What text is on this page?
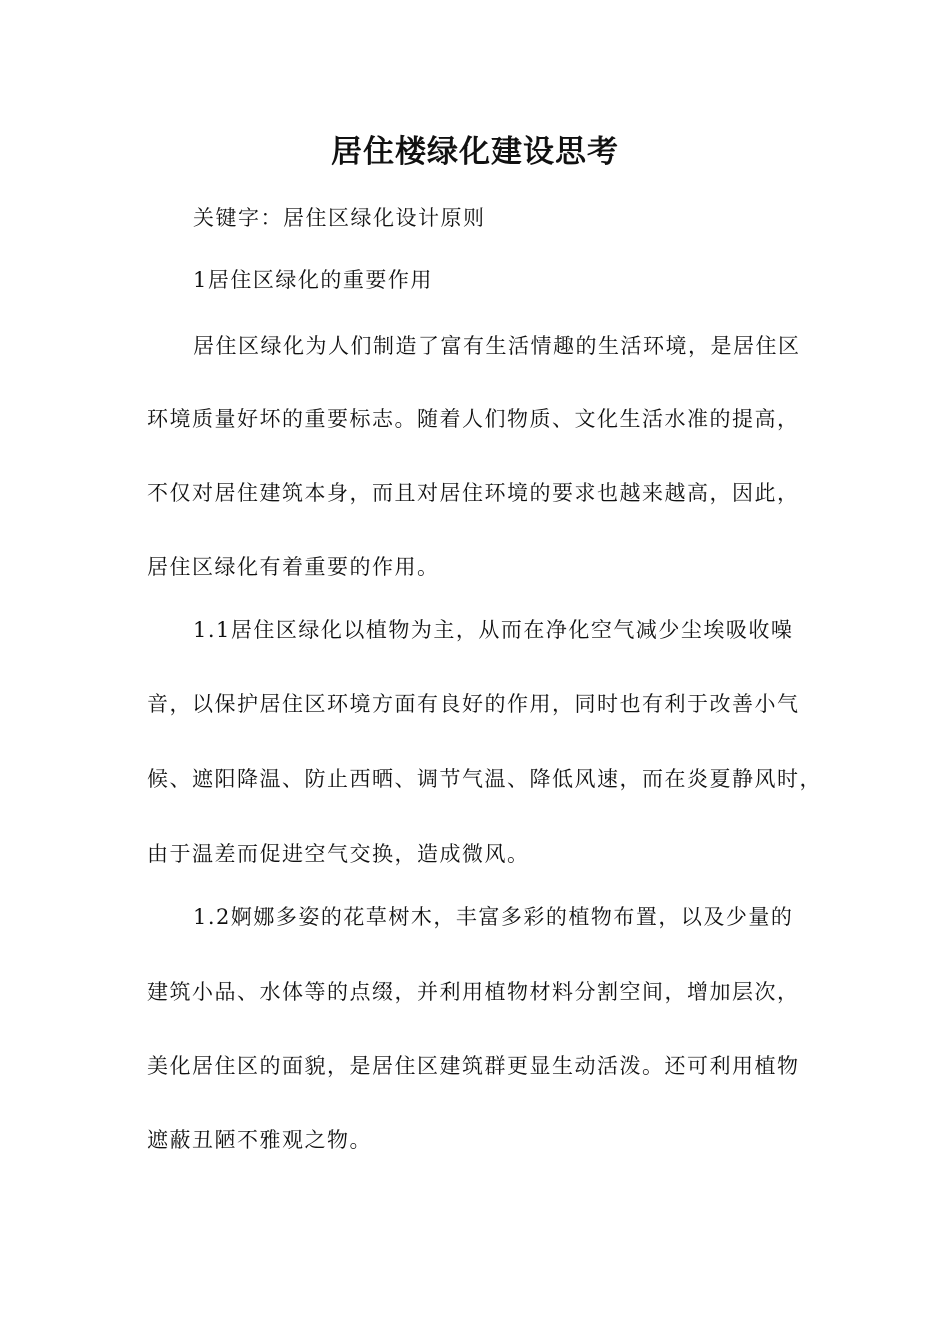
居住楼绿化建设思考
关键字：居住区绿化设计原则
1居住区绿化的重要作用
居住区绿化为人们制造了富有生活情趣的生活环境，是居住区
环境质量好坏的重要标志。随着人们物质、文化生活水准的提高，
不仅对居住建筑本身，而且对居住环境的要求也越来越高，因此，
居住区绿化有着重要的作用。
1.1居住区绿化以植物为主，从而在净化空气减少尘埃吸收噪
音，以保护居住区环境方面有良好的作用，同时也有利于改善小气
候、遮阳降温、防止西晒、调节气温、降低风速，而在炎夏静风时，
由于温差而促进空气交换，造成微风。
1.2婀娜多姿的花草树木，丰富多彩的植物布置，以及少量的
建筑小品、水体等的点缀，并利用植物材料分割空间，增加层次，
美化居住区的面貌，是居住区建筑群更显生动活泼。还可利用植物
遮蔽丑陋不雅观之物。
